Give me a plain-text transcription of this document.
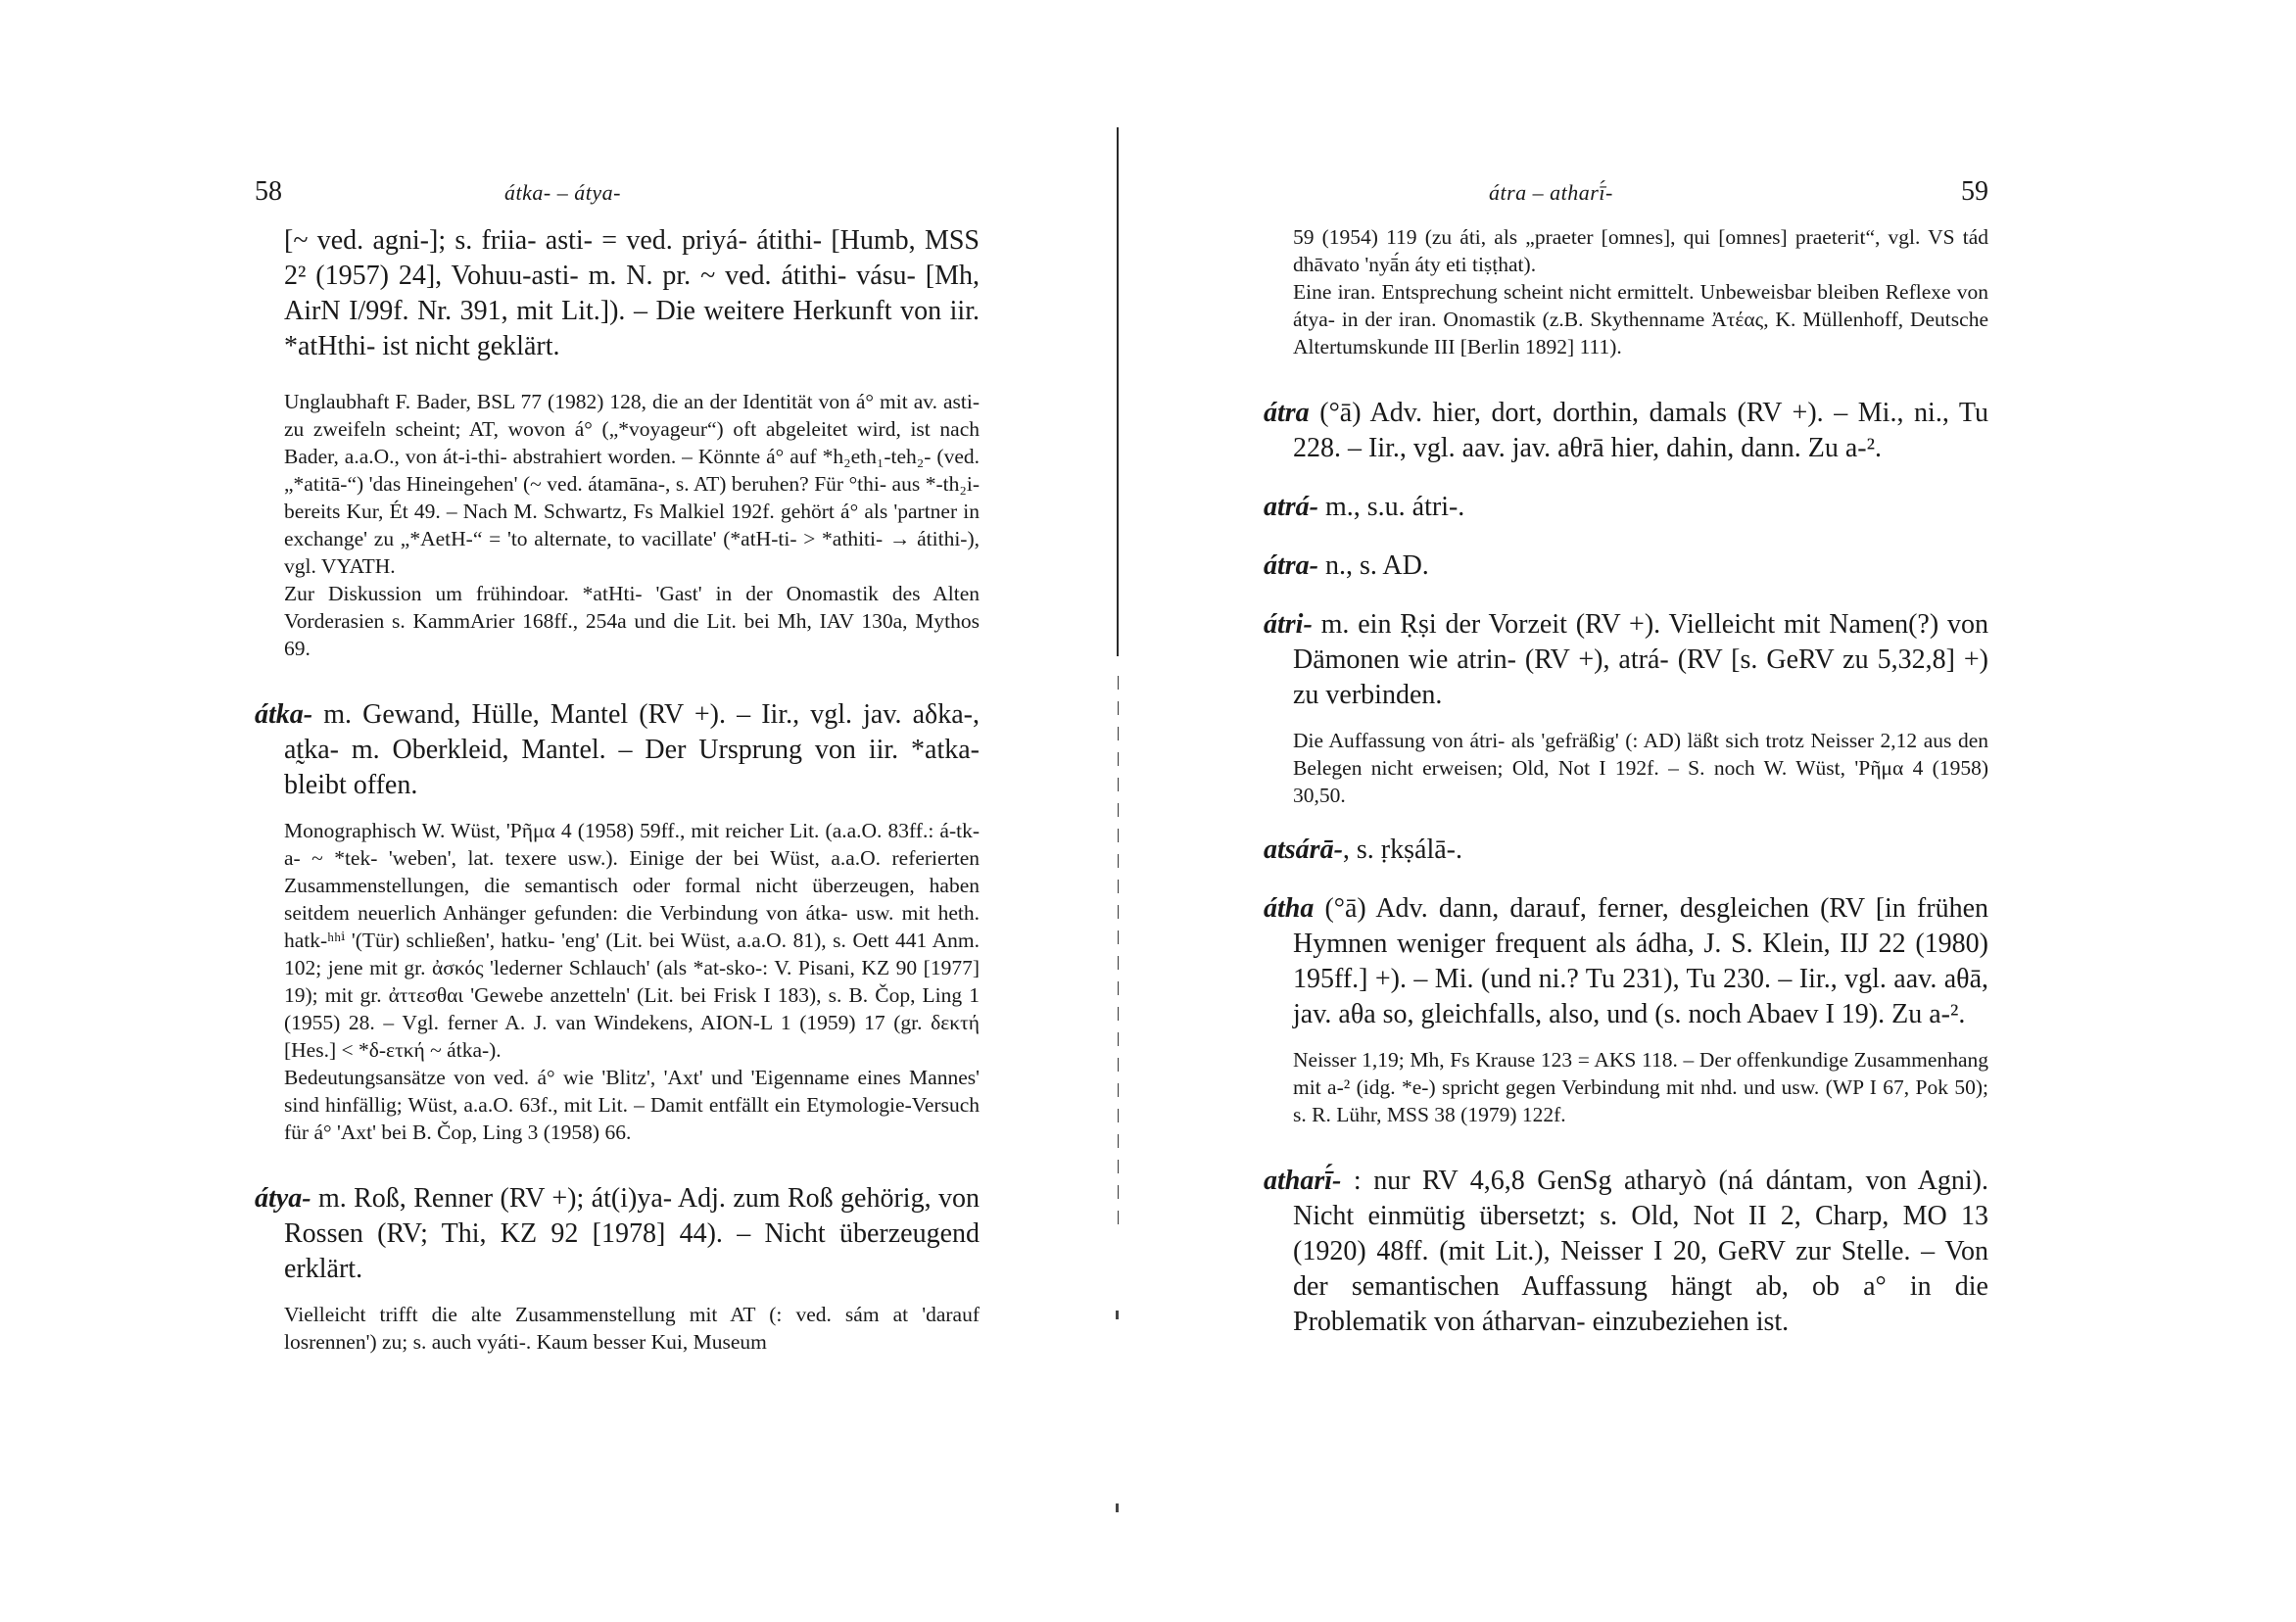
58	átka- – átya-

[~ ved. agni-]; s. friia- asti- = ved. priyá- átithi- [Humb, MSS 2² (1957) 24], Vohuu-asti- m. N. pr. ~ ved. átithi- vásu- [Mh, AirN I/99f. Nr. 391, mit Lit.]). – Die weitere Herkunft von iir. *atHthi- ist nicht geklärt.

Unglaubhaft F. Bader, BSL 77 (1982) 128, die an der Identität von á° mit av. asti- zu zweifeln scheint; AT, wovon á° („*voyageur“) oft abgeleitet wird, ist nach Bader, a.a.O., von át-i-thi- abstrahiert worden. – Könnte á° auf *h₂eth₁-teh₂- (ved. „*atitā-“) 'das Hineingehen' (~ ved. átamāna-, s. AT) beruhen? Für °thi- aus *-th₂i- bereits Kur, Ét 49. – Nach M. Schwartz, Fs Malkiel 192f. gehört á° als 'partner in exchange' zu „*AetH-“ = 'to alternate, to vacillate' (*atH-ti- > *athiti- → átithi-), vgl. VYATH.

Zur Diskussion um frühindoar. *atHti- 'Gast' in der Onomastik des Alten Vorderasien s. KammArier 168ff., 254a und die Lit. bei Mh, IAV 130a, Mythos 69.

átka- m. Gewand, Hülle, Mantel (RV +). – Iir., vgl. jav. aδka-, at̰ka- m. Oberkleid, Mantel. – Der Ursprung von iir. *atka- bleibt offen.

Monographisch W. Wüst, 'Ρῆμα 4 (1958) 59ff., mit reicher Lit. (a.a.O. 83ff.: á-tk-a- ~ *tek- 'weben', lat. texere usw.). Einige der bei Wüst, a.a.O. referierten Zusammenstellungen, die semantisch oder formal nicht überzeugen, haben seitdem neuerlich Anhänger gefunden: die Verbindung von átka- usw. mit heth. hatk-ʰʰⁱ '(Tür) schließen', hatku- 'eng' (Lit. bei Wüst, a.a.O. 81), s. Oett 441 Anm. 102; jene mit gr. ἀσκός 'lederner Schlauch' (als *at-sko-: V. Pisani, KZ 90 [1977] 19); mit gr. ἀττεσθαι 'Gewebe anzetteln' (Lit. bei Frisk I 183), s. B. Čop, Ling 1 (1955) 28. – Vgl. ferner A. J. van Windekens, AION-L 1 (1959) 17 (gr. δεκτή [Hes.] < *δ-ετκή ~ átka-).

Bedeutungsansätze von ved. á° wie 'Blitz', 'Axt' und 'Eigenname eines Mannes' sind hinfällig; Wüst, a.a.O. 63f., mit Lit. – Damit entfällt ein Etymologie-Versuch für á° 'Axt' bei B. Čop, Ling 3 (1958) 66.

átya- m. Roß, Renner (RV +); át(i)ya- Adj. zum Roß gehörig, von Rossen (RV; Thi, KZ 92 [1978] 44). – Nicht überzeugend erklärt.

Vielleicht trifft die alte Zusammenstellung mit AT (: ved. sám at 'darauf losrennen') zu; s. auch vyáti-. Kaum besser Kui, Museum

átra – atharī́-	59

59 (1954) 119 (zu áti, als „praeter [omnes], qui [omnes] praeterit“, vgl. VS tád dhāvato 'nyā́n áty eti tiṣṭhat).

Eine iran. Entsprechung scheint nicht ermittelt. Unbeweisbar bleiben Reflexe von átya- in der iran. Onomastik (z.B. Skythenname Ἀτέας, K. Müllenhoff, Deutsche Altertumskunde III [Berlin 1892] 111).

átra (°ā) Adv. hier, dort, dorthin, damals (RV +). – Mi., ni., Tu 228. – Iir., vgl. aav. jav. aθrā hier, dahin, dann. Zu a-².

atrá- m., s.u. átri-.

átra- n., s. AD.

átri- m. ein Ṛṣi der Vorzeit (RV +). Vielleicht mit Namen(?) von Dämonen wie atrin- (RV +), atrá- (RV [s. GeRV zu 5,32,8] +) zu verbinden.

Die Auffassung von átri- als 'gefräßig' (: AD) läßt sich trotz Neisser 2,12 aus den Belegen nicht erweisen; Old, Not I 192f. – S. noch W. Wüst, 'Ρῆμα 4 (1958) 30,50.

atsárā-, s. ṛkṣálā-.

átha (°ā) Adv. dann, darauf, ferner, desgleichen (RV [in frühen Hymnen weniger frequent als ádha, J. S. Klein, IIJ 22 (1980) 195ff.] +). – Mi. (und ni.? Tu 231), Tu 230. – Iir., vgl. aav. aθā, jav. aθa so, gleichfalls, also, und (s. noch Abaev I 19). Zu a-².

Neisser 1,19; Mh, Fs Krause 123 = AKS 118. – Der offenkundige Zusammenhang mit a-² (idg. *e-) spricht gegen Verbindung mit nhd. und usw. (WP I 67, Pok 50); s. R. Lühr, MSS 38 (1979) 122f.

atharī́- : nur RV 4,6,8 GenSg atharyò (ná dántam, von Agni). Nicht einmütig übersetzt; s. Old, Not II 2, Charp, MO 13 (1920) 48ff. (mit Lit.), Neisser I 20, GeRV zur Stelle. – Von der semantischen Auffassung hängt ab, ob a° in die Problematik von átharvan- einzubeziehen ist.
